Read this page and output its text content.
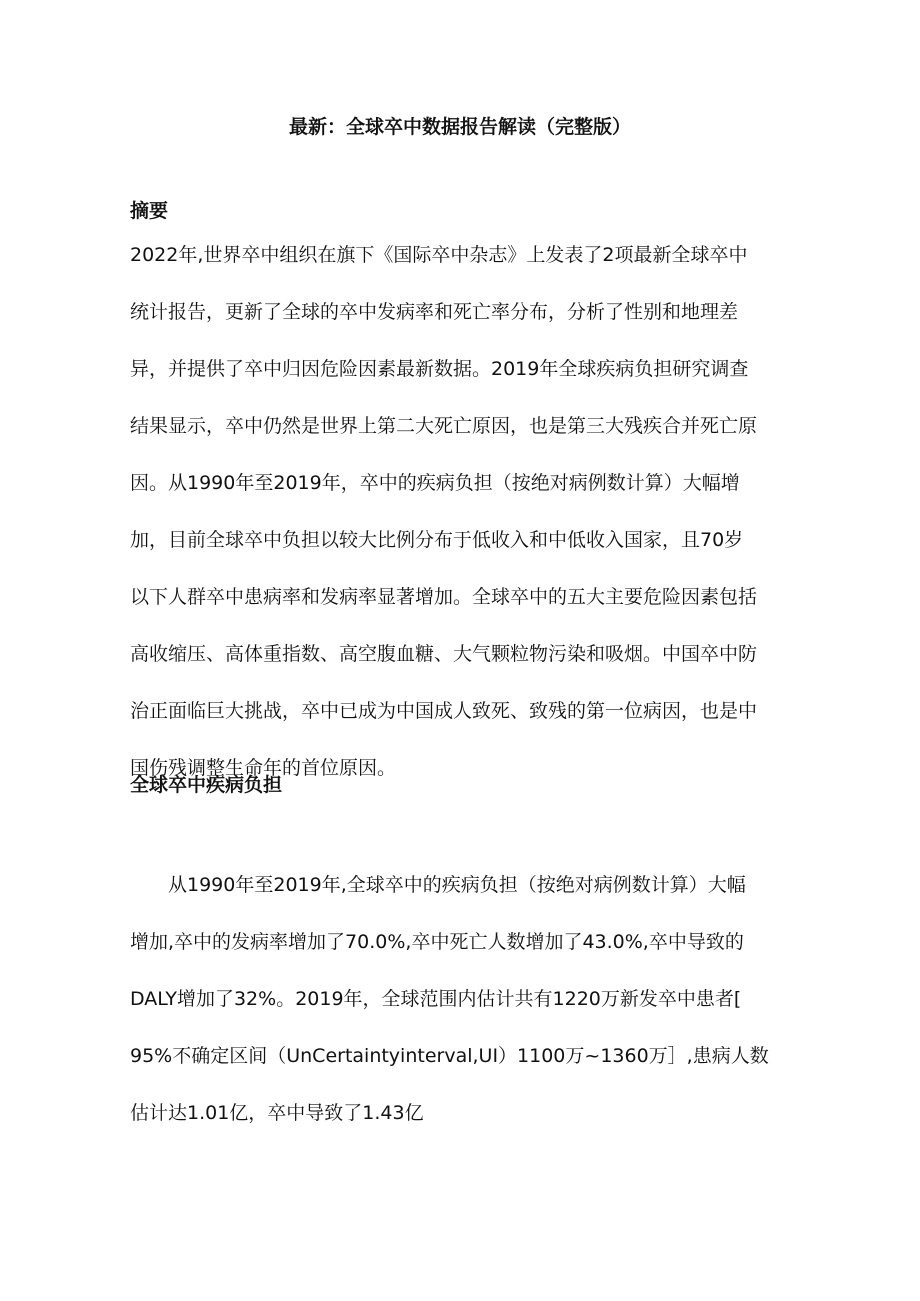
最新：全球卒中数据报告解读（完整版）
摘要
2022年,世界卒中组织在旗下《国际卒中杂志》上发表了2项最新全球卒中
统计报告，更新了全球的卒中发病率和死亡率分布，分析了性别和地理差
异，并提供了卒中归因危险因素最新数据。2019年全球疾病负担研究调查
结果显示，卒中仍然是世界上第二大死亡原因，也是第三大残疾合并死亡原
因。从1990年至2019年，卒中的疾病负担（按绝对病例数计算）大幅增
加，目前全球卒中负担以较大比例分布于低收入和中低收入国家，且70岁
以下人群卒中患病率和发病率显著增加。全球卒中的五大主要危险因素包括
高收缩压、高体重指数、高空腹血糖、大气颗粒物污染和吸烟。中国卒中防
治正面临巨大挑战，卒中已成为中国成人致死、致残的第一位病因，也是中
国伤残调整生命年的首位原因。
全球卒中疾病负担
　　从1990年至2019年,全球卒中的疾病负担（按绝对病例数计算）大幅
增加,卒中的发病率增加了70.0%,卒中死亡人数增加了43.0%,卒中导致的
DALY增加了32%。2019年，全球范围内估计共有1220万新发卒中患者[
95%不确定区间（UnCertaintyinterval,UI）1100万~1360万］,患病人数
估计达1.01亿，卒中导致了1.43亿
